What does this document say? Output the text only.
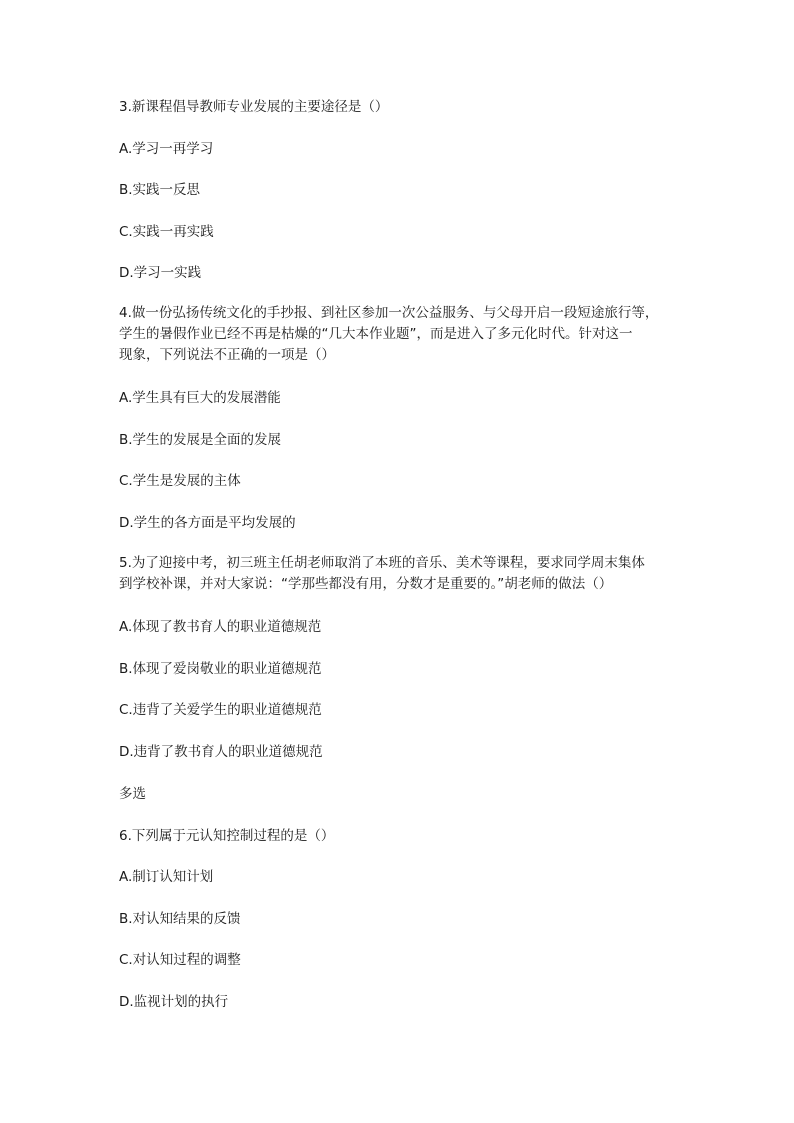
3.新课程倡导教师专业发展的主要途径是（）
A.学习一再学习
B.实践一反思
C.实践一再实践
D.学习一实践
4.做一份弘扬传统文化的手抄报、到社区参加一次公益服务、与父母开启一段短途旅行等，
学生的暑假作业已经不再是枯燥的“几大本作业题”，而是进入了多元化时代。针对这一
现象，下列说法不正确的一项是（）
A.学生具有巨大的发展潜能
B.学生的发展是全面的发展
C.学生是发展的主体
D.学生的各方面是平均发展的
5.为了迎接中考，初三班主任胡老师取消了本班的音乐、美术等课程，要求同学周末集体
到学校补课，并对大家说：“学那些都没有用，分数才是重要的。”胡老师的做法（）
A.体现了教书育人的职业道德规范
B.体现了爱岗敬业的职业道德规范
C.违背了关爱学生的职业道德规范
D.违背了教书育人的职业道德规范
多选
6.下列属于元认知控制过程的是（）
A.制订认知计划
B.对认知结果的反馈
C.对认知过程的调整
D.监视计划的执行
